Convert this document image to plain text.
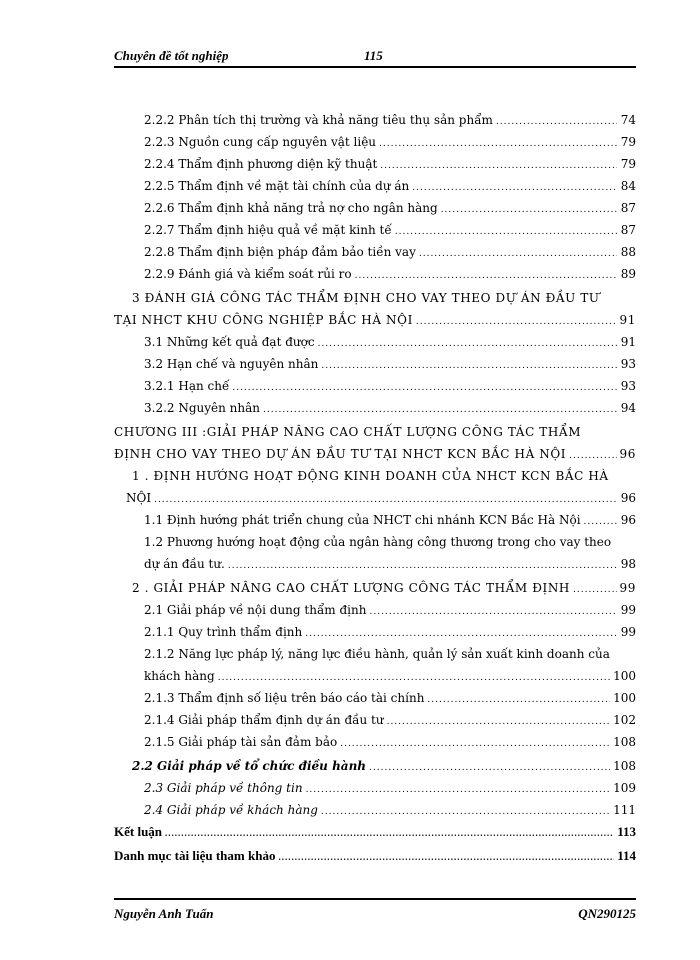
Chuyên đề tốt nghiệp	115
2.2.2 Phân tích thị trường và khả năng tiêu thụ sản phẩm .....	74
2.2.3 Nguồn cung cấp nguyên vật liệu .....	79
2.2.4 Thẩm định phương diện kỹ thuật .....	79
2.2.5 Thẩm định về mặt tài chính của dự án .....	84
2.2.6 Thẩm định khả năng trả nợ cho ngân hàng .....	87
2.2.7 Thẩm định hiệu quả về mặt kinh tế .....	87
2.2.8 Thẩm định biện pháp đảm bảo tiền vay .....	88
2.2.9 Đánh giá và kiểm soát rủi ro .....	89
3 ĐÁNH GIÁ CÔNG TÁC THẨM ĐỊNH CHO VAY THEO DỰ ÁN ĐẦU TƯ
TẠI NHCT KHU CÔNG NGHIỆP BẮC HÀ NỘI .....	91
3.1 Những kết quả đạt được .....	91
3.2 Hạn chế và nguyên nhân .....	93
3.2.1 Hạn chế .....	93
3.2.2 Nguyên nhân .....	94
CHƯƠNG III :GIẢI PHÁP NÂNG CAO CHẤT LƯỢNG CÔNG TÁC THẨM
ĐỊNH CHO VAY THEO DỰ ÁN ĐẦU TƯ TẠI NHCT KCN BẮC HÀ NỘI .....	96
1 . ĐỊNH HƯỚNG HOẠT ĐỘNG KINH DOANH CỦA NHCT KCN BẮC HÀ
NỘI .....	96
1.1 Định hướng phát triển chung của NHCT chi nhánh KCN Bắc Hà Nội .....	96
1.2 Phương hướng hoạt động của ngân hàng công thương trong cho vay theo
dự án đầu tư. .....	98
2 . GIẢI PHÁP NÂNG CAO CHẤT LƯỢNG CÔNG TÁC THẨM ĐỊNH .....	99
2.1 Giải pháp về nội dung thẩm định .....	99
2.1.1 Quy trình thẩm định .....	99
2.1.2 Năng lực pháp lý, năng lực điều hành, quản lý sản xuất kinh doanh của
khách hàng .....	100
2.1.3 Thẩm định số liệu trên báo cáo tài chính .....	100
2.1.4 Giải pháp thẩm định dự án đầu tư .....	102
2.1.5 Giải pháp tài sản đảm bảo .....	108
2.2 Giải pháp về tổ chức điều hành .....	108
2.3 Giải pháp về thông tin .....	109
2.4 Giải pháp về khách hàng .....	111
Kết luận .....	113
Danh mục tài liệu tham khảo .....	114
Nguyễn Anh Tuấn	QN290125
